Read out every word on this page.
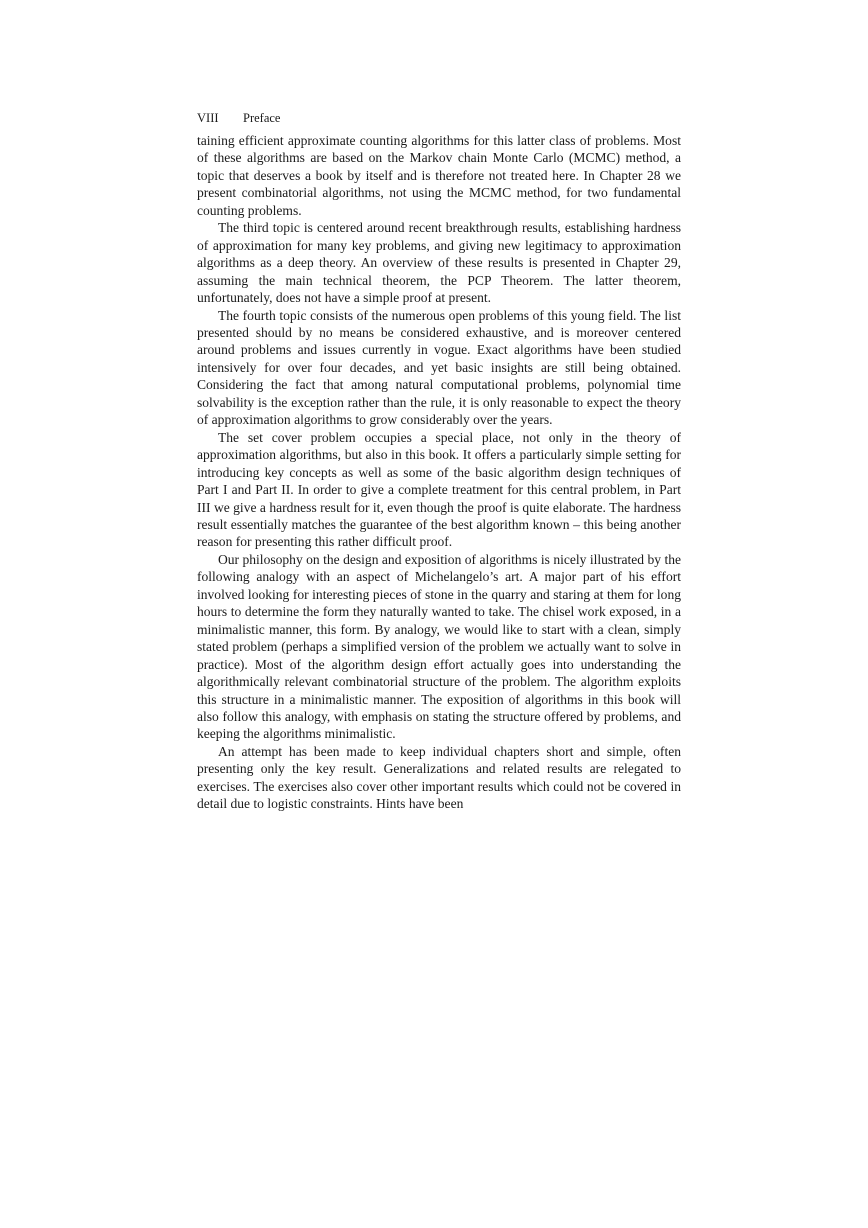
VIII Preface

taining efficient approximate counting algorithms for this latter class of problems. Most of these algorithms are based on the Markov chain Monte Carlo (MCMC) method, a topic that deserves a book by itself and is therefore not treated here. In Chapter 28 we present combinatorial algorithms, not using the MCMC method, for two fundamental counting problems.

The third topic is centered around recent breakthrough results, establishing hardness of approximation for many key problems, and giving new legitimacy to approximation algorithms as a deep theory. An overview of these results is presented in Chapter 29, assuming the main technical theorem, the PCP Theorem. The latter theorem, unfortunately, does not have a simple proof at present.

The fourth topic consists of the numerous open problems of this young field. The list presented should by no means be considered exhaustive, and is moreover centered around problems and issues currently in vogue. Exact algorithms have been studied intensively for over four decades, and yet basic insights are still being obtained. Considering the fact that among natural computational problems, polynomial time solvability is the exception rather than the rule, it is only reasonable to expect the theory of approximation algorithms to grow considerably over the years.

The set cover problem occupies a special place, not only in the theory of approximation algorithms, but also in this book. It offers a particularly simple setting for introducing key concepts as well as some of the basic algorithm design techniques of Part I and Part II. In order to give a complete treatment for this central problem, in Part III we give a hardness result for it, even though the proof is quite elaborate. The hardness result essentially matches the guarantee of the best algorithm known – this being another reason for presenting this rather difficult proof.

Our philosophy on the design and exposition of algorithms is nicely illustrated by the following analogy with an aspect of Michelangelo’s art. A major part of his effort involved looking for interesting pieces of stone in the quarry and staring at them for long hours to determine the form they naturally wanted to take. The chisel work exposed, in a minimalistic manner, this form. By analogy, we would like to start with a clean, simply stated problem (perhaps a simplified version of the problem we actually want to solve in practice). Most of the algorithm design effort actually goes into understanding the algorithmically relevant combinatorial structure of the problem. The algorithm exploits this structure in a minimalistic manner. The exposition of algorithms in this book will also follow this analogy, with emphasis on stating the structure offered by problems, and keeping the algorithms minimalistic.

An attempt has been made to keep individual chapters short and simple, often presenting only the key result. Generalizations and related results are relegated to exercises. The exercises also cover other important results which could not be covered in detail due to logistic constraints. Hints have been
